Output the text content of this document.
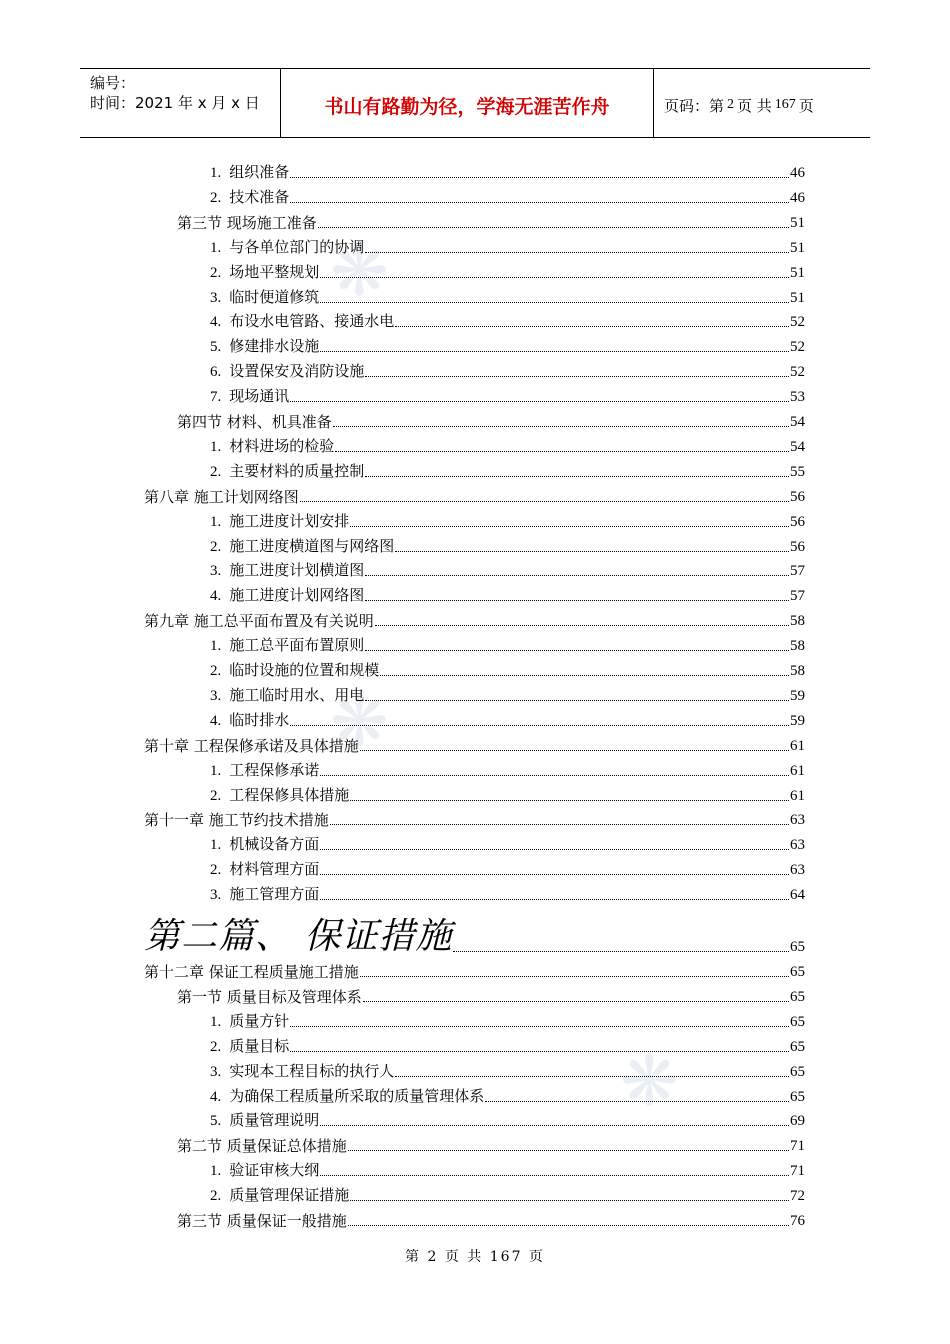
编号：
时间：2021 年 x 月 x 日	书山有路勤为径，学海无涯苦作舟	页码：第 2 页 共 167 页
❋
❋
❋
1. 组织准备	46
2. 技术准备	46
第三节 现场施工准备	51
1. 与各单位部门的协调	51
2. 场地平整规划	51
3. 临时便道修筑	51
4. 布设水电管路、接通水电	52
5. 修建排水设施	52
6. 设置保安及消防设施	52
7. 现场通讯	53
第四节 材料、机具准备	54
1. 材料进场的检验	54
2. 主要材料的质量控制	55
第八章 施工计划网络图	56
1. 施工进度计划安排	56
2. 施工进度横道图与网络图	56
3. 施工进度计划横道图	57
4. 施工进度计划网络图	57
第九章 施工总平面布置及有关说明	58
1. 施工总平面布置原则	58
2. 临时设施的位置和规模	58
3. 施工临时用水、用电	59
4. 临时排水	59
第十章 工程保修承诺及具体措施	61
1. 工程保修承诺	61
2. 工程保修具体措施	61
第十一章 施工节约技术措施	63
1. 机械设备方面	63
2. 材料管理方面	63
3. 施工管理方面	64
第二篇、 保证措施	65
第十二章 保证工程质量施工措施	65
第一节 质量目标及管理体系	65
1. 质量方针	65
2. 质量目标	65
3. 实现本工程目标的执行人	65
4. 为确保工程质量所采取的质量管理体系	65
5. 质量管理说明	69
第二节 质量保证总体措施	71
1. 验证审核大纲	71
2. 质量管理保证措施	72
第三节 质量保证一般措施	76
第 2 页 共 167 页
